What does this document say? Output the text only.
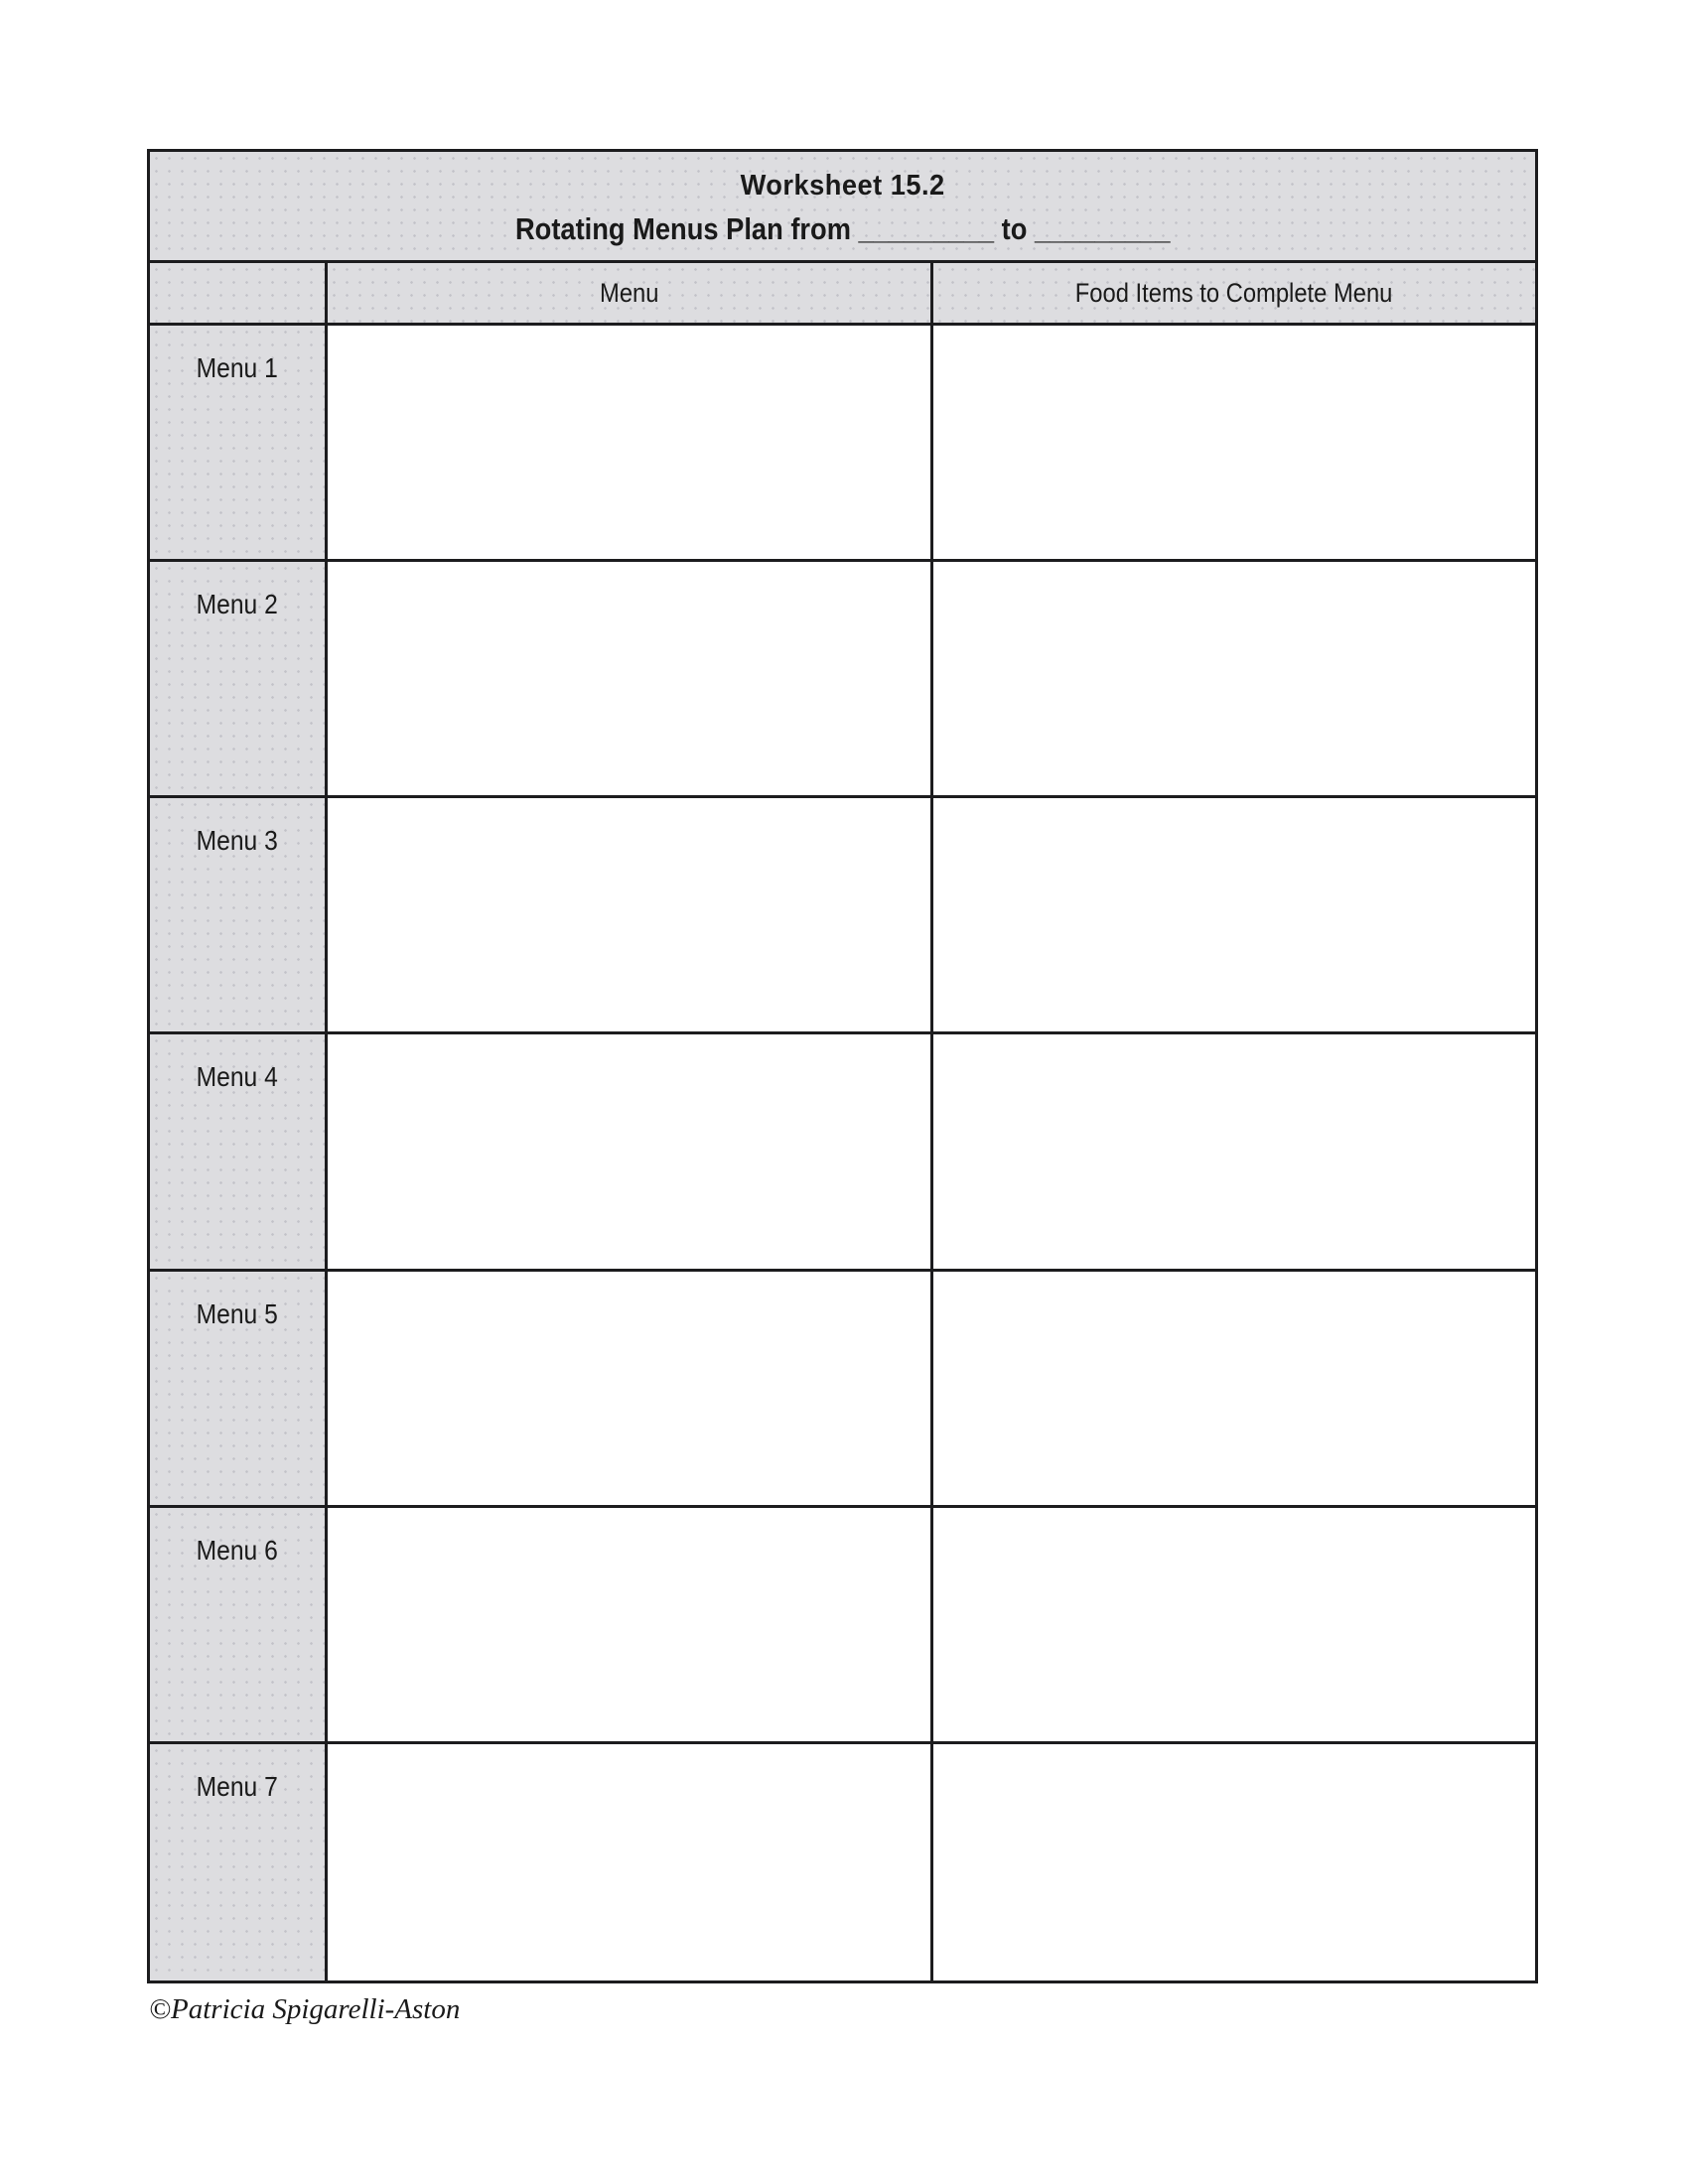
Worksheet 15.2
Rotating Menus Plan from _________ to _________
Menu	Food Items to Complete Menu
Menu 1
Menu 2
Menu 3
Menu 4
Menu 5
Menu 6
Menu 7
©Patricia Spigarelli-Aston
